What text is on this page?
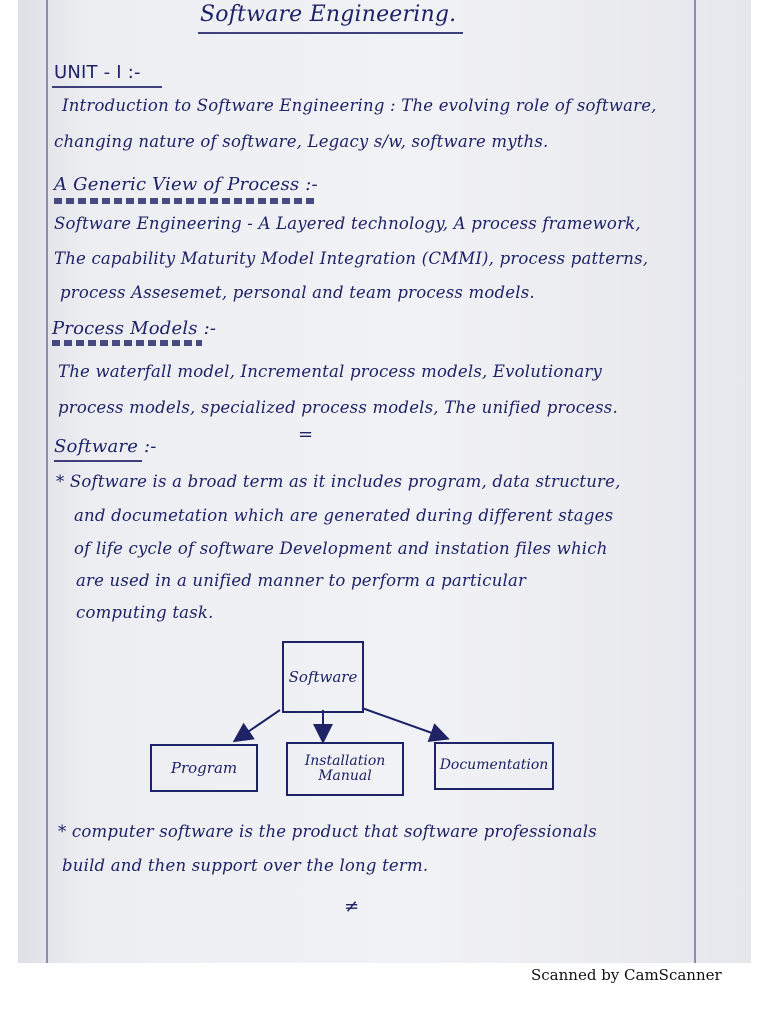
Software Engineering.
UNIT - I :-
Introduction to Software Engineering : The evolving role of software,
changing nature of software, Legacy s/w, software myths.
A Generic View of Process :-
Software Engineering - A Layered technology, A process framework,
The capability Maturity Model Integration (CMMI), process patterns,
process Assesemet, personal and team process models.
Process Models :-
The waterfall model, Incremental process models, Evolutionary
process models, specialized process models, The unified process.
=
Software :-
* Software is a broad term as it includes program, data structure,
and documetation which are generated during different stages
of life cycle of software Development and instation files which
are used in a unified manner to perform a particular
computing task.
Software
Program	Installation Manual
Documentation
* computer software is the product that software professionals
build and then support over the long term.
≠
Scanned by CamScanner
